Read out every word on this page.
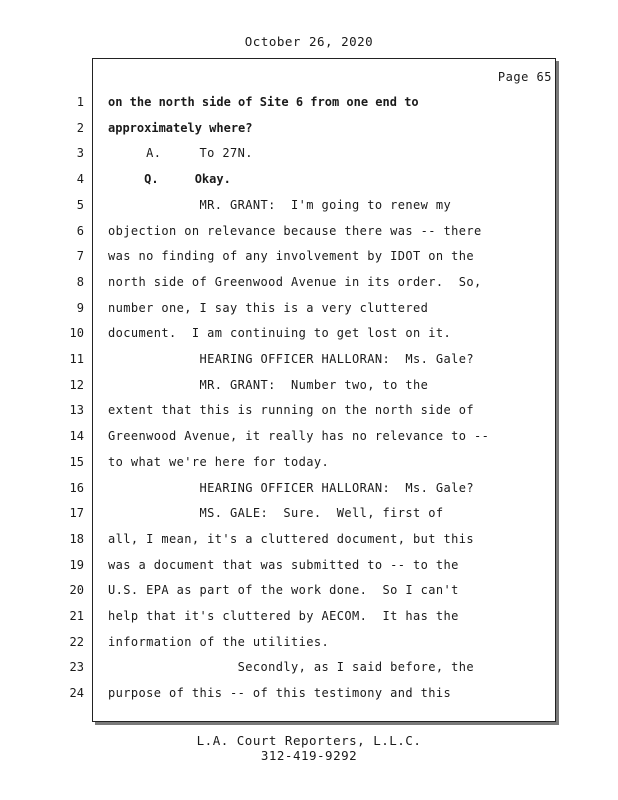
October 26, 2020
Page 65
1 on the north side of Site 6 from one end to
2 approximately where?
3 A.     To 27N.
4 Q.     Okay.
5 MR. GRANT:  I'm going to renew my
6 objection on relevance because there was -- there
7 was no finding of any involvement by IDOT on the
8 north side of Greenwood Avenue in its order.  So,
9 number one, I say this is a very cluttered
10 document.  I am continuing to get lost on it.
11 HEARING OFFICER HALLORAN:  Ms. Gale?
12 MR. GRANT:  Number two, to the
13 extent that this is running on the north side of
14 Greenwood Avenue, it really has no relevance to --
15 to what we're here for today.
16 HEARING OFFICER HALLORAN:  Ms. Gale?
17 MS. GALE:  Sure.  Well, first of
18 all, I mean, it's a cluttered document, but this
19 was a document that was submitted to -- to the
20 U.S. EPA as part of the work done.  So I can't
21 help that it's cluttered by AECOM.  It has the
22 information of the utilities.
23 Secondly, as I said before, the
24 purpose of this -- of this testimony and this
L.A. Court Reporters, L.L.C.
312-419-9292
